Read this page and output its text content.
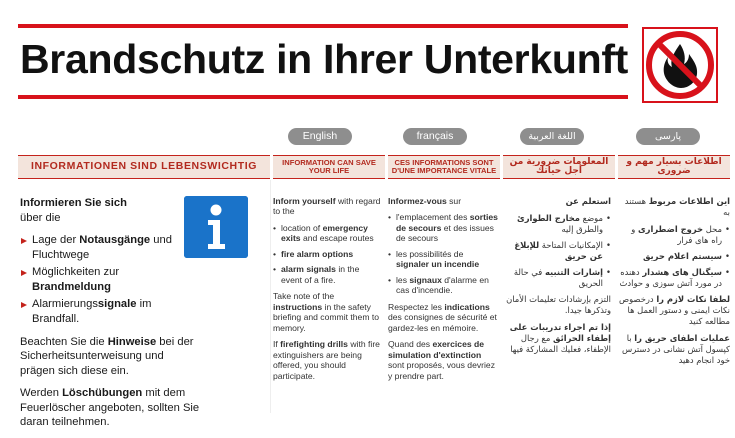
Brandschutz in Ihrer Unterkunft
English	français	اللغة العربية	پارسی
INFORMATIONEN SIND LEBENSWICHTIG	INFORMATION CAN SAVE YOUR LIFE
CES INFORMATIONS SONT D'UNE IMPORTANCE VITALE
المعلومات ضرورية من أجل حياتك
اطلاعات بسیار مهم و ضروری
Informieren Sie sich
über die
Lage der Notausgänge und Fluchtwege
Möglichkeiten zur Brandmeldung
Alarmierungssignale im Brandfall.
Beachten Sie die Hinweise bei der Sicherheitsunterweisung und prägen sich diese ein.
Werden Löschübungen mit dem Feuerlöscher angeboten, sollten Sie daran teilnehmen.
Inform yourself with regard to the
• location of emergency exits and escape routes
• fire alarm options
• alarm signals in the event of a fire.
Take note of the instructions in the safety briefing and commit them to memory.
If firefighting drills with fire extinguishers are being offered, you should participate.
Informez-vous sur
• l'emplacement des sorties de secours et des issues de secours
• les possibilités de signaler un incendie
• les signaux d'alarme en cas d'incendie.
Respectez les indications des consignes de sécurité et gardez-les en mémoire.
Quand des exercices de simulation d'extinction sont proposés, vous devriez y prendre part.
استعلم عن
• موضع مخارج الطوارئ والطرق إليه
• الإمكانيات المتاحة للإبلاغ عن حريق
• إشارات التنبيه في حالة الحريق
التزم بإرشادات تعليمات الأمان وتذكرها جيدا.
إذا تم اجراء تدريبات على إطفاء الحرائق مع رجال الإطفاء، فعليك المشاركة فيها
این اطلاعات مربوط هستند به
• محل خروج اضطراری و راه های فرار
• سیستم اعلام حریق
• سیگنال های هشدار دهنده در مورد آتش سوزی و حوادث
لطفا نکات لازم را درخصوص نکات ایمنی و دستور العمل ها مطالعه کنید
عملیات اطفای حریق را با کپسول آتش نشانی در دسترس خود انجام دهید
